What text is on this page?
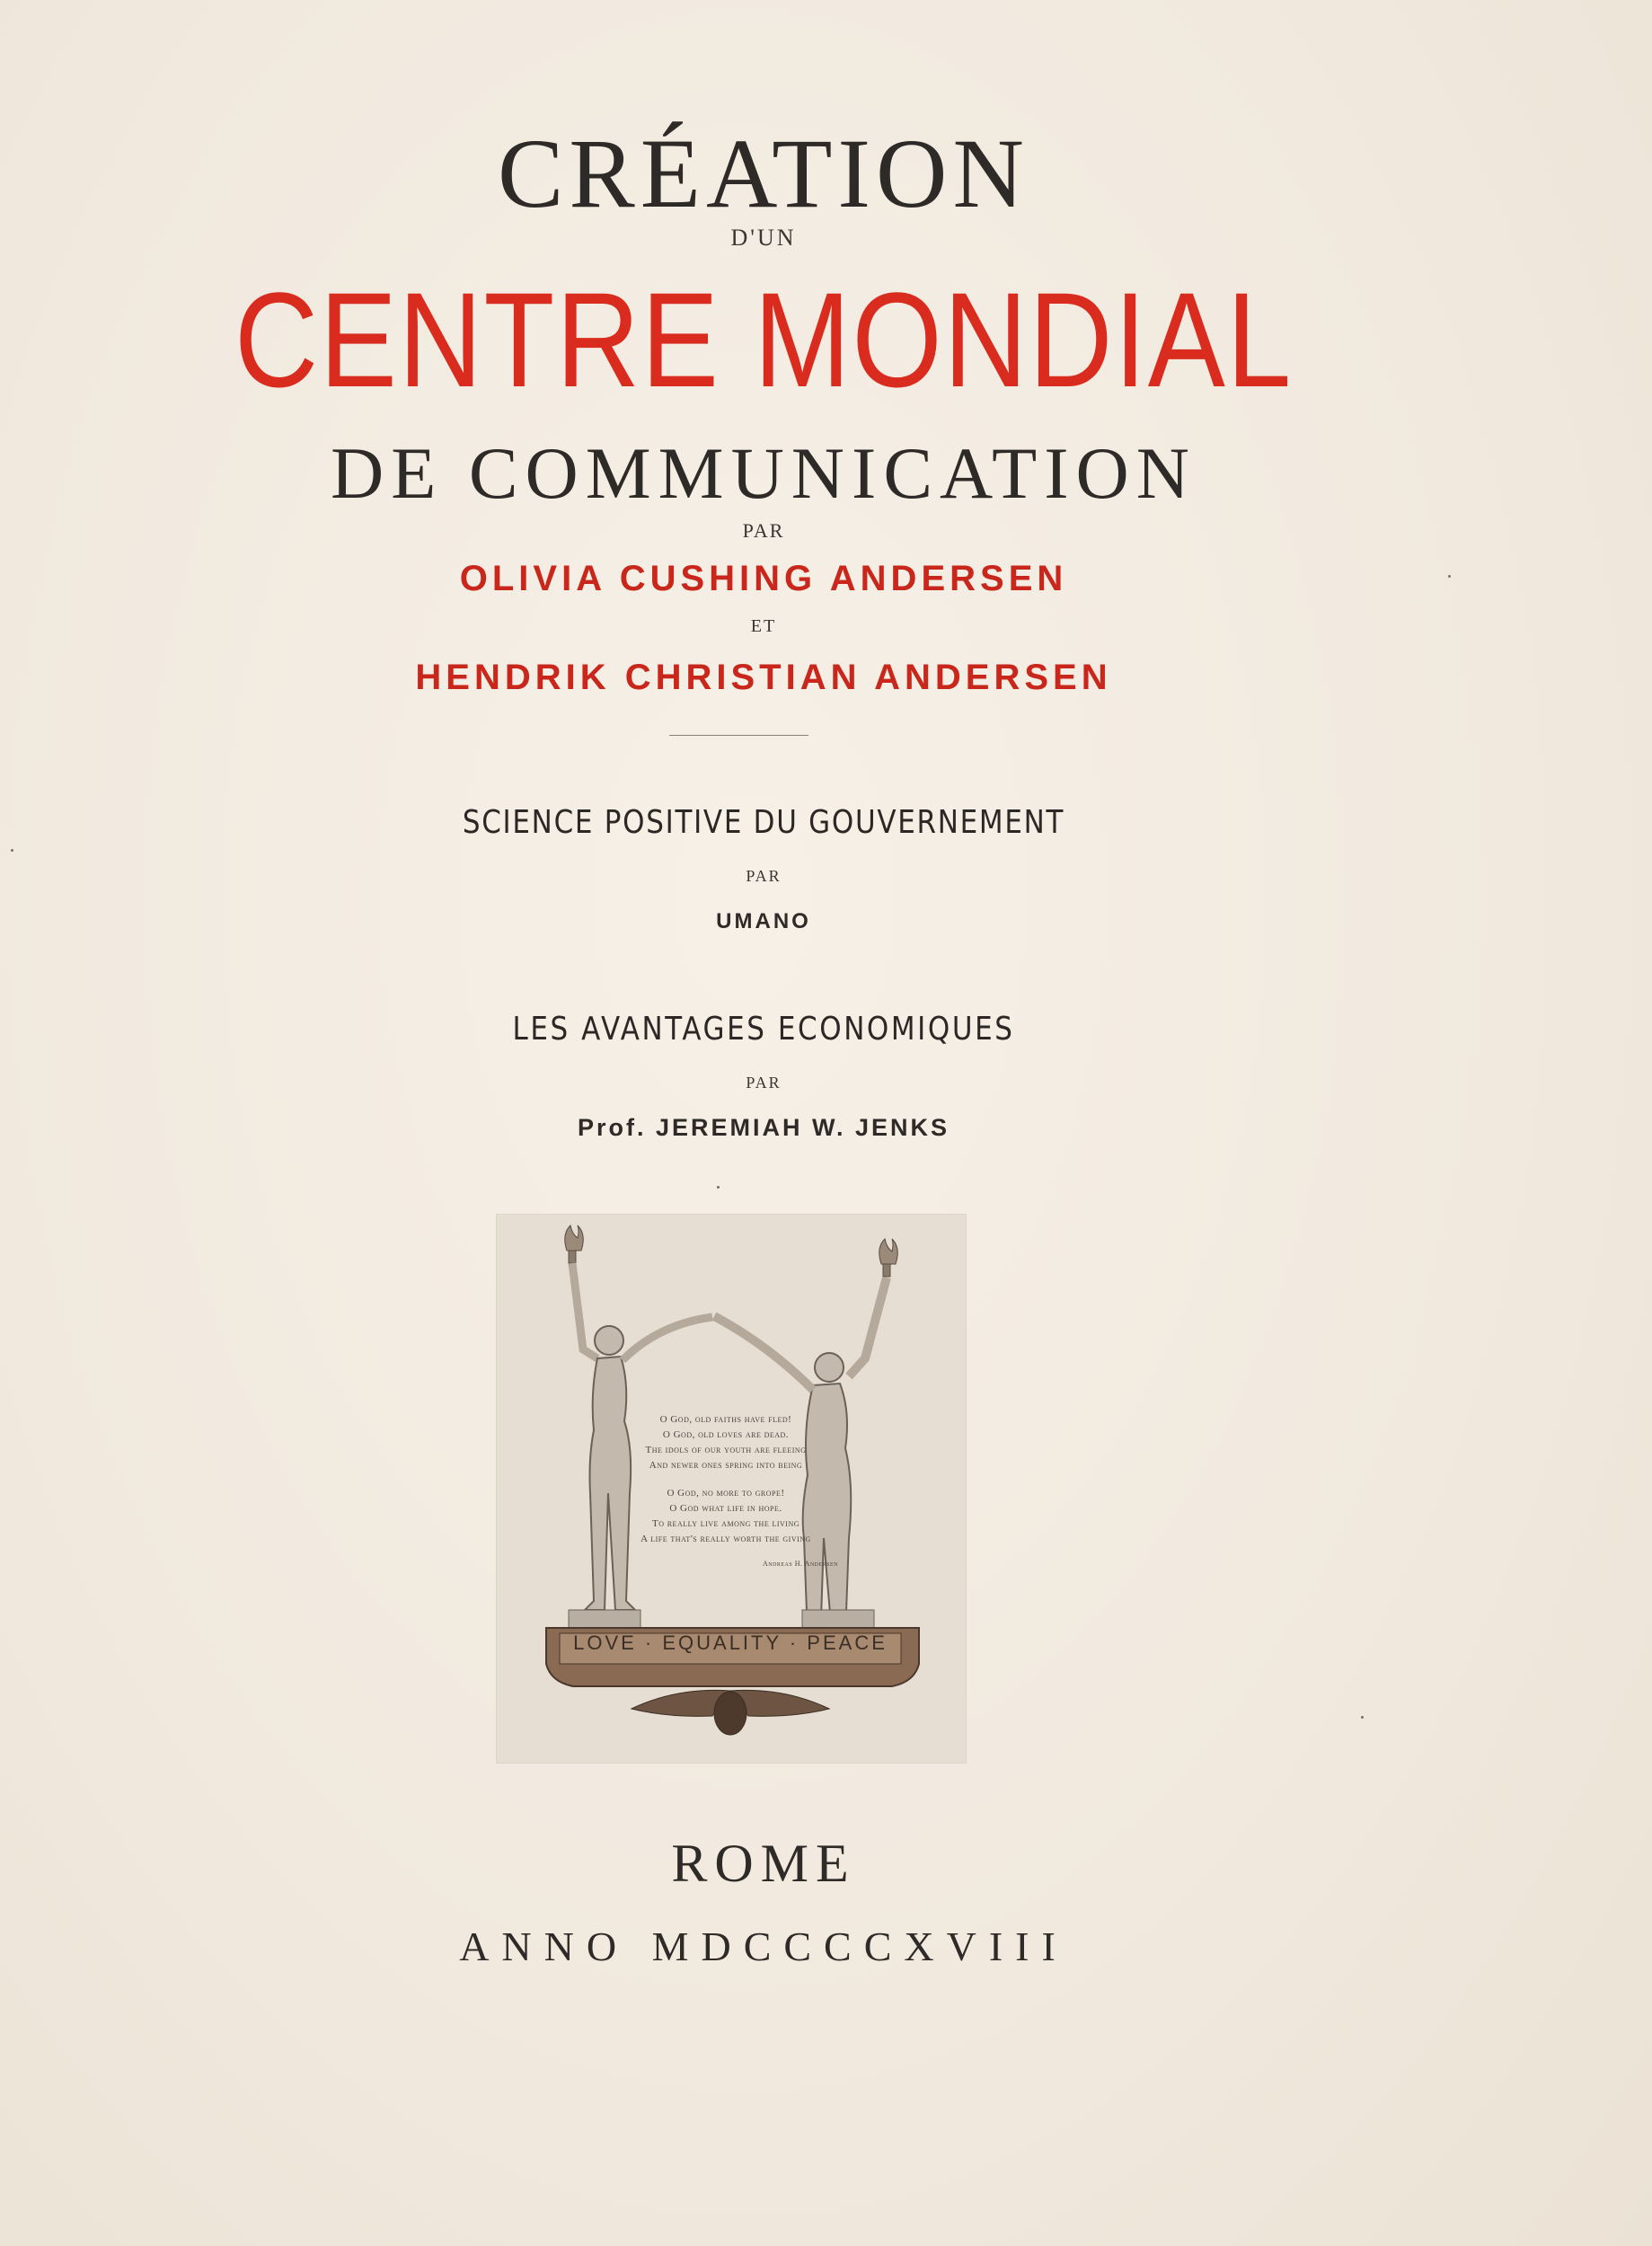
CRÉATION
D'UN
CENTRE MONDIAL
DE COMMUNICATION
PAR
OLIVIA CUSHING ANDERSEN
ET
HENDRIK CHRISTIAN ANDERSEN
SCIENCE POSITIVE DU GOUVERNEMENT
PAR
UMANO
LES AVANTAGES ECONOMIQUES
PAR
Prof. JEREMIAH W. JENKS
O God, old faiths have fled!
O God, old loves are dead.
The idols of our youth are fleeing
And newer ones spring into being
O God, no more to grope!
O God what life in hope.
To really live among the living
A life that's really worth the giving
Andreas H. Andersen
LOVE · EQUALITY · PEACE
ROME
ANNO MDCCCCXVIII
